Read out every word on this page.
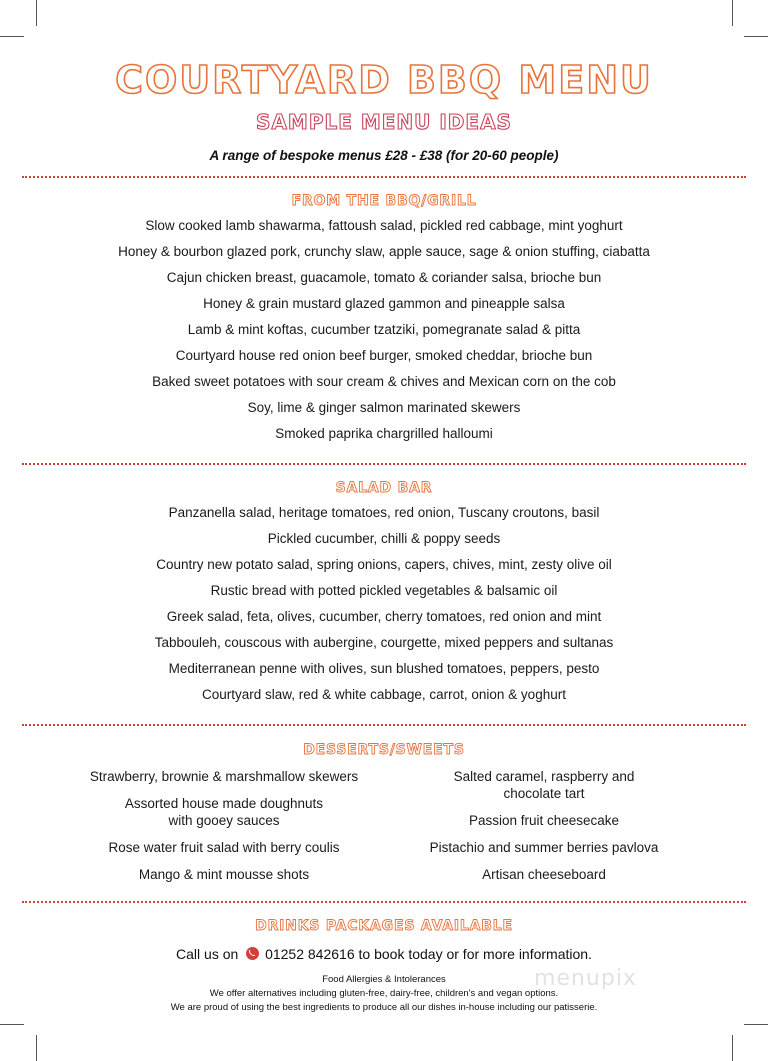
COURTYARD BBQ MENU
SAMPLE MENU IDEAS
A range of bespoke menus £28 - £38 (for 20-60 people)
FROM THE BBQ/GRILL
Slow cooked lamb shawarma, fattoush salad, pickled red cabbage, mint yoghurt
Honey & bourbon glazed pork, crunchy slaw, apple sauce, sage & onion stuffing, ciabatta
Cajun chicken breast, guacamole, tomato & coriander salsa, brioche bun
Honey & grain mustard glazed gammon and pineapple salsa
Lamb & mint koftas, cucumber tzatziki, pomegranate salad & pitta
Courtyard house red onion beef burger, smoked cheddar, brioche bun
Baked sweet potatoes with sour cream & chives and Mexican corn on the cob
Soy, lime & ginger salmon marinated skewers
Smoked paprika chargrilled halloumi
SALAD BAR
Panzanella salad, heritage tomatoes, red onion, Tuscany croutons, basil
Pickled cucumber, chilli & poppy seeds
Country new potato salad, spring onions, capers, chives, mint, zesty olive oil
Rustic bread with potted pickled vegetables & balsamic oil
Greek salad, feta, olives, cucumber, cherry tomatoes, red onion and mint
Tabbouleh, couscous with aubergine, courgette, mixed peppers and sultanas
Mediterranean penne with olives, sun blushed tomatoes, peppers, pesto
Courtyard slaw, red & white cabbage, carrot, onion & yoghurt
DESSERTS/SWEETS
Strawberry, brownie & marshmallow skewers
Assorted house made doughnuts
with gooey sauces
Rose water fruit salad with berry coulis
Mango & mint mousse shots
Salted caramel, raspberry and
chocolate tart
Passion fruit cheesecake
Pistachio and summer berries pavlova
Artisan cheeseboard
DRINKS PACKAGES AVAILABLE
Call us on 01252 842616 to book today or for more information.
menupix
Food Allergies & Intolerances
We offer alternatives including gluten-free, dairy-free, children's and vegan options.
We are proud of using the best ingredients to produce all our dishes in-house including our patisserie.
